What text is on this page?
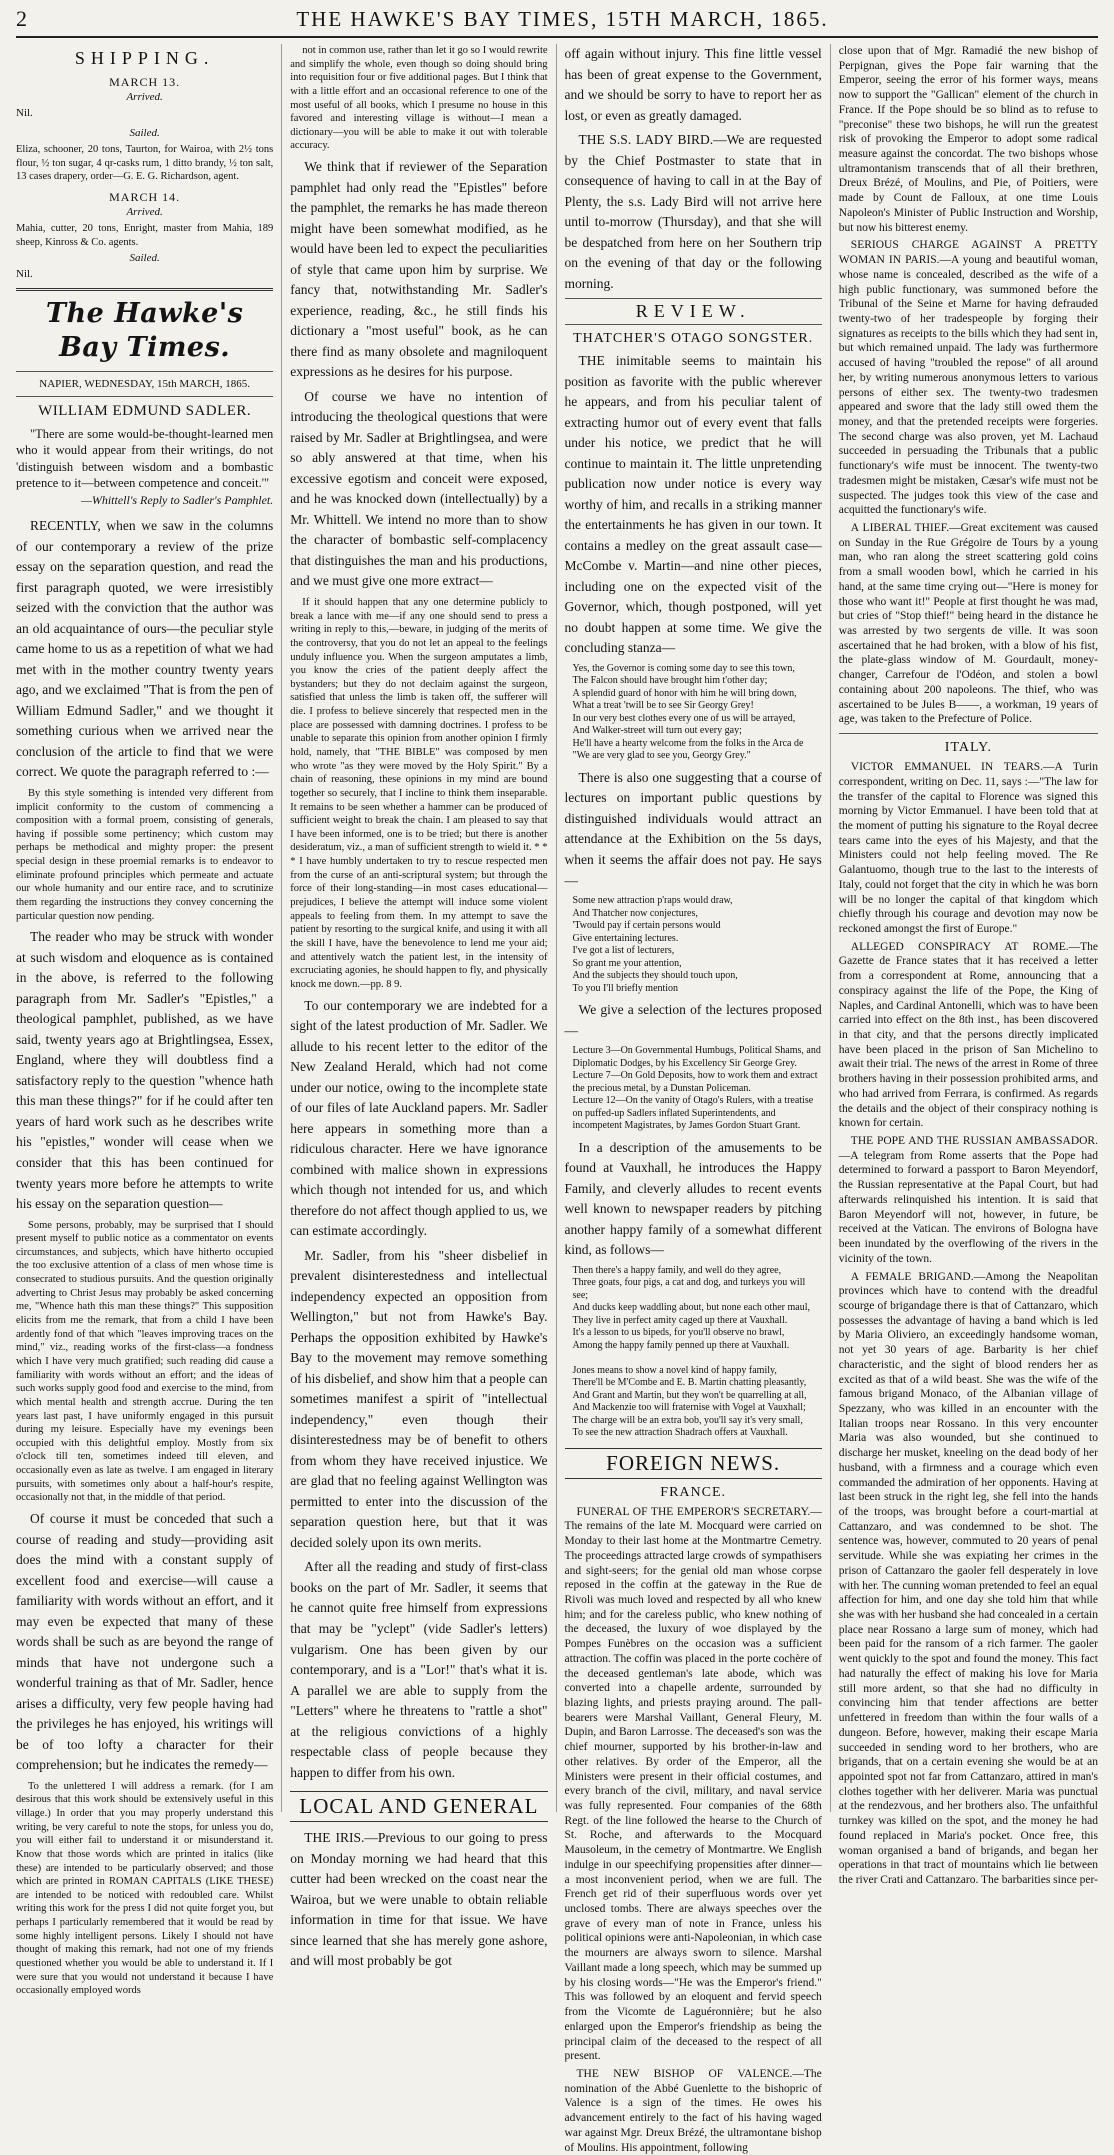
2	THE HAWKE'S BAY TIMES, 15TH MARCH, 1865.
SHIPPING.
MARCH 13.
Arrived.
Nil.
Sailed.
Eliza, schooner, 20 tons, Taurton, for Wairoa, with 2½ tons flour, ½ ton sugar, 4 qr-casks rum, 1 ditto brandy, ½ ton salt, 13 cases drapery, order—G. E. G. Richardson, agent.
MARCH 14.
Arrived.
Mahia, cutter, 20 tons, Enright, master from Mahia, 189 sheep, Kinross & Co. agents.
Sailed.
Nil.
The Hawke's Bay Times.
NAPIER, WEDNESDAY, 15th MARCH, 1865.
WILLIAM EDMUND SADLER.

"There are some would-be-thought-learned men who it would appear from their writings, do not 'distinguish between wisdom and a bombastic pretence to it—between competence and conceit.'"

—Whittell's Reply to Sadler's Pamphlet.

RECENTLY, when we saw in the columns of our contemporary a review of the prize essay on the separation question, and read the first paragraph quoted, we were irresistibly seized with the conviction that the author was an old acquaintance of ours—the peculiar style came home to us as a repetition of what we had met with in the mother country twenty years ago, and we exclaimed "That is from the pen of William Edmund Sadler," and we thought it something curious when we arrived near the conclusion of the article to find that we were correct. We quote the paragraph referred to :—

By this style something is intended very different from implicit conformity to the custom of commencing a composition with a formal proem, consisting of generals, having if possible some pertinency; which custom may perhaps be methodical and mighty proper: the present special design in these proemial remarks is to endeavor to eliminate profound principles which permeate and actuate our whole humanity and our entire race, and to scrutinize them regarding the instructions they convey concerning the particular question now pending.

The reader who may be struck with wonder at such wisdom and eloquence as is contained in the above, is referred to the following paragraph from Mr. Sadler's "Epistles," a theological pamphlet, published, as we have said, twenty years ago at Brightlingsea, Essex, England, where they will doubtless find a satisfactory reply to the question "whence hath this man these things?" for if he could after ten years of hard work such as he describes write his "epistles," wonder will cease when we consider that this has been continued for twenty years more before he attempts to write his essay on the separation question—

Some persons, probably, may be surprised that I should present myself to public notice as a commentator on events circumstances, and subjects, which have hitherto occupied the too exclusive attention of a class of men whose time is consecrated to studious pursuits. And the question originally adverting to Christ Jesus may probably be asked concerning me, "Whence hath this man these things?" This supposition elicits from me the remark, that from a child I have been ardently fond of that which "leaves improving traces on the mind," viz., reading works of the first-class—a fondness which I have very much gratified; such reading did cause a familiarity with words without an effort; and the ideas of such works supply good food and exercise to the mind, from which mental health and strength accrue. During the ten years last past, I have uniformly engaged in this pursuit during my leisure. Especially have my evenings been occupied with this delightful employ. Mostly from six o'clock till ten, sometimes indeed till eleven, and occasionally even as late as twelve. I am engaged in literary pursuits, with sometimes only about a half-hour's respite, occasionally not that, in the middle of that period.

Of course it must be conceded that such a course of reading and study—providing asit does the mind with a constant supply of excellent food and exercise—will cause a familiarity with words without an effort, and it may even be expected that many of these words shall be such as are beyond the range of minds that have not undergone such a wonderful training as that of Mr. Sadler, hence arises a difficulty, very few people having had the privileges he has enjoyed, his writings will be of too lofty a character for their comprehension; but he indicates the remedy—

To the unlettered I will address a remark. (for I am desirous that this work should be extensively useful in this village.) In order that you may properly understand this writing, be very careful to note the stops, for unless you do, you will either fail to understand it or misunderstand it. Know that those words which are printed in italics (like these) are intended to be particularly observed; and those which are printed in ROMAN CAPITALS (LIKE THESE) are intended to be noticed with redoubled care. Whilst writing this work for the press I did not quite forget you, but perhaps I particularly remembered that it would be read by some highly intelligent persons. Likely I should not have thought of making this remark, had not one of my friends questioned whether you would be able to understand it. If I were sure that you would not understand it because I have occasionally employed words

not in common use, rather than let it go so I would rewrite and simplify the whole, even though so doing should bring into requisition four or five additional pages. But I think that with a little effort and an occasional reference to one of the most useful of all books, which I presume no house in this favored and interesting village is without—I mean a dictionary—you will be able to make it out with tolerable accuracy.

We think that if reviewer of the Separation pamphlet had only read the "Epistles" before the pamphlet, the remarks he has made thereon might have been somewhat modified, as he would have been led to expect the peculiarities of style that came upon him by surprise. We fancy that, notwithstanding Mr. Sadler's experience, reading, &c., he still finds his dictionary a "most useful" book, as he can there find as many obsolete and magniloquent expressions as he desires for his purpose.

Of course we have no intention of introducing the theological questions that were raised by Mr. Sadler at Brightlingsea, and were so ably answered at that time, when his excessive egotism and conceit were exposed, and he was knocked down (intellectually) by a Mr. Whittell. We intend no more than to show the character of bombastic self-complacency that distinguishes the man and his productions, and we must give one more extract—

If it should happen that any one determine publicly to break a lance with me—if any one should send to press a writing in reply to this,—beware, in judging of the merits of the controversy, that you do not let an appeal to the feelings unduly influence you. When the surgeon amputates a limb, you know the cries of the patient deeply affect the bystanders; but they do not declaim against the surgeon, satisfied that unless the limb is taken off, the sufferer will die. I profess to believe sincerely that respected men in the place are possessed with damning doctrines. I profess to be unable to separate this opinion from another opinion I firmly hold, namely, that "THE BIBLE" was composed by men who wrote "as they were moved by the Holy Spirit." By a chain of reasoning, these opinions in my mind are bound together so securely, that I incline to think them inseparable. It remains to be seen whether a hammer can be produced of sufficient weight to break the chain. I am pleased to say that I have been informed, one is to be tried; but there is another desideratum, viz., a man of sufficient strength to wield it. * * * I have humbly undertaken to try to rescue respected men from the curse of an anti-scriptural system; but through the force of their long-standing—in most cases educational—prejudices, I believe the attempt will induce some violent appeals to feeling from them. In my attempt to save the patient by resorting to the surgical knife, and using it with all the skill I have, have the benevolence to lend me your aid; and attentively watch the patient lest, in the intensity of excruciating agonies, he should happen to fly, and physically knock me down.—pp. 8 9.

To our contemporary we are indebted for a sight of the latest production of Mr. Sadler. We allude to his recent letter to the editor of the New Zealand Herald, which had not come under our notice, owing to the incomplete state of our files of late Auckland papers. Mr. Sadler here appears in something more than a ridiculous character. Here we have ignorance combined with malice shown in expressions which though not intended for us, and which therefore do not affect though applied to us, we can estimate accordingly.

Mr. Sadler, from his "sheer disbelief in prevalent disinterestedness and intellectual independency expected an opposition from Wellington," but not from Hawke's Bay. Perhaps the opposition exhibited by Hawke's Bay to the movement may remove something of his disbelief, and show him that a people can sometimes manifest a spirit of "intellectual independency," even though their disinterestedness may be of benefit to others from whom they have received injustice. We are glad that no feeling against Wellington was permitted to enter into the discussion of the separation question here, but that it was decided solely upon its own merits.

After all the reading and study of first-class books on the part of Mr. Sadler, it seems that he cannot quite free himself from expressions that may be "yclept" (vide Sadler's letters) vulgarism. One has been given by our contemporary, and is a "Lor!" that's what it is. A parallel we are able to supply from the "Letters" where he threatens to "rattle a shot" at the religious convictions of a highly respectable class of people because they happen to differ from his own.

LOCAL AND GENERAL

THE IRIS.—Previous to our going to press on Monday morning we had heard that this cutter had been wrecked on the coast near the Wairoa, but we were unable to obtain reliable information in time for that issue. We have since learned that she has merely gone ashore, and will most probably be got

off again without injury. This fine little vessel has been of great expense to the Government, and we should be sorry to have to report her as lost, or even as greatly damaged.

THE S.S. LADY BIRD.—We are requested by the Chief Postmaster to state that in consequence of having to call in at the Bay of Plenty, the s.s. Lady Bird will not arrive here until to-morrow (Thursday), and that she will be despatched from here on her Southern trip on the evening of that day or the following morning.

REVIEW.
THATCHER'S OTAGO SONGSTER.

THE inimitable seems to maintain his position as favorite with the public wherever he appears, and from his peculiar talent of extracting humor out of every event that falls under his notice, we predict that he will continue to maintain it. The little unpretending publication now under notice is every way worthy of him, and recalls in a striking manner the entertainments he has given in our town. It contains a medley on the great assault case—McCombe v. Martin—and nine other pieces, including one on the expected visit of the Governor, which, though postponed, will yet no doubt happen at some time. We give the concluding stanza—

Yes, the Governor is coming some day to see this town,
The Falcon should have brought him t'other day;
A splendid guard of honor with him he will bring down,
What a treat 'twill be to see Sir Georgy Grey!
In our very best clothes every one of us will be arrayed,
And Walker-street will turn out every gay;
He'll have a hearty welcome from the folks in the Arca de
"We are very glad to see you, Georgy Grey."

There is also one suggesting that a course of lectures on important public questions by distinguished individuals would attract an attendance at the Exhibition on the 5s days, when it seems the affair does not pay. He says—

Some new attraction p'raps would draw,
And Thatcher now conjectures,
'Twould pay if certain persons would
Give entertaining lectures.
I've got a list of lecturers,
So grant me your attention,
And the subjects they should touch upon,
To you I'll briefly mention

We give a selection of the lectures proposed—

Lecture 3—On Governmental Humbugs, Political Shams, and Diplomatic Dodges, by his Excellency Sir George Grey.
Lecture 7—On Gold Deposits, how to work them and extract the precious metal, by a Dunstan Policeman.
Lecture 12—On the vanity of Otago's Rulers, with a treatise on puffed-up Sadlers inflated Superintendents, and incompetent Magistrates, by James Gordon Stuart Grant.

In a description of the amusements to be found at Vauxhall, he introduces the Happy Family, and cleverly alludes to recent events well known to newspaper readers by pitching another happy family of a somewhat different kind, as follows—

Then there's a happy family, and well do they agree,
Three goats, four pigs, a cat and dog, and turkeys you will see;
And ducks keep waddling about, but none each other maul,
They live in perfect amity caged up there at Vauxhall.
It's a lesson to us bipeds, for you'll observe no brawl,
Among the happy family penned up there at Vauxhall.

Jones means to show a novel kind of happy family,
There'll be M'Combe and E. B. Martin chatting pleasantly,
And Grant and Martin, but they won't be quarrelling at all,
And Mackenzie too will fraternise with Vogel at Vauxhall;
The charge will be an extra bob, you'll say it's very small,
To see the new attraction Shadrach offers at Vauxhall.
FOREIGN NEWS.
FRANCE.

FUNERAL OF THE EMPEROR'S SECRETARY.—The remains of the late M. Mocquard were carried on Monday to their last home at the Montmartre Cemetry. The proceedings attracted large crowds of sympathisers and sight-seers; for the genial old man whose corpse reposed in the coffin at the gateway in the Rue de Rivoli was much loved and respected by all who knew him; and for the careless public, who knew nothing of the deceased, the luxury of woe displayed by the Pompes Funèbres on the occasion was a sufficient attraction. The coffin was placed in the porte cochère of the deceased gentleman's late abode, which was converted into a chapelle ardente, surrounded by blazing lights, and priests praying around. The pall-bearers were Marshal Vaillant, General Fleury, M. Dupin, and Baron Larrosse. The deceased's son was the chief mourner, supported by his brother-in-law and other relatives. By order of the Emperor, all the Ministers were present in their official costumes, and every branch of the civil, military, and naval service was fully represented. Four companies of the 68th Regt. of the line followed the hearse to the Church of St. Roche, and afterwards to the Mocquard Mausoleum, in the cemetry of Montmartre. We English indulge in our speechifying propensities after dinner—a most inconvenient period, when we are full. The French get rid of their superfluous words over yet unclosed tombs. There are always speeches over the grave of every man of note in France, unless his political opinions were anti-Napoleonian, in which case the mourners are always sworn to silence. Marshal Vaillant made a long speech, which may be summed up by his closing words—"He was the Emperor's friend." This was followed by an eloquent and fervid speech from the Vicomte de Laguéronnière; but he also enlarged upon the Emperor's friendship as being the principal claim of the deceased to the respect of all present.

THE NEW BISHOP OF VALENCE.—The nomination of the Abbé Guenlette to the bishopric of Valence is a sign of the times. He owes his advancement entirely to the fact of his having waged war against Mgr. Dreux Brézé, the ultramontane bishop of Moulins. His appointment, following

close upon that of Mgr. Ramadié the new bishop of Perpignan, gives the Pope fair warning that the Emperor, seeing the error of his former ways, means now to support the "Gallican" element of the church in France. If the Pope should be so blind as to refuse to "preconise" these two bishops, he will run the greatest risk of provoking the Emperor to adopt some radical measure against the concordat. The two bishops whose ultramontanism transcends that of all their brethren, Dreux Brézé, of Moulins, and Pie, of Poitiers, were made by Count de Falloux, at one time Louis Napoleon's Minister of Public Instruction and Worship, but now his bitterest enemy.

SERIOUS CHARGE AGAINST A PRETTY WOMAN IN PARIS.—A young and beautiful woman, whose name is concealed, described as the wife of a high public functionary, was summoned before the Tribunal of the Seine et Marne for having defrauded twenty-two of her tradespeople by forging their signatures as receipts to the bills which they had sent in, but which remained unpaid. The lady was furthermore accused of having "troubled the repose" of all around her, by writing numerous anonymous letters to various persons of either sex. The twenty-two tradesmen appeared and swore that the lady still owed them the money, and that the pretended receipts were forgeries. The second charge was also proven, yet M. Lachaud succeeded in persuading the Tribunals that a public functionary's wife must be innocent. The twenty-two tradesmen might be mistaken, Cæsar's wife must not be suspected. The judges took this view of the case and acquitted the functionary's wife.

A LIBERAL THIEF.—Great excitement was caused on Sunday in the Rue Grégoire de Tours by a young man, who ran along the street scattering gold coins from a small wooden bowl, which he carried in his hand, at the same time crying out—"Here is money for those who want it!" People at first thought he was mad, but cries of "Stop thief!" being heard in the distance he was arrested by two sergents de ville. It was soon ascertained that he had broken, with a blow of his fist, the plate-glass window of M. Gourdault, money-changer, Carrefour de l'Odéon, and stolen a bowl containing about 200 napoleons. The thief, who was ascertained to be Jules B——, a workman, 19 years of age, was taken to the Prefecture of Police.

ITALY.

VICTOR EMMANUEL IN TEARS.—A Turin correspondent, writing on Dec. 11, says :—"The law for the transfer of the capital to Florence was signed this morning by Victor Emmanuel. I have been told that at the moment of putting his signature to the Royal decree tears came into the eyes of his Majesty, and that the Ministers could not help feeling moved. The Re Galantuomo, though true to the last to the interests of Italy, could not forget that the city in which he was born will be no longer the capital of that kingdom which chiefly through his courage and devotion may now be reckoned amongst the first of Europe."

ALLEGED CONSPIRACY AT ROME.—The Gazette de France states that it has received a letter from a correspondent at Rome, announcing that a conspiracy against the life of the Pope, the King of Naples, and Cardinal Antonelli, which was to have been carried into effect on the 8th inst., has been discovered in that city, and that the persons directly implicated have been placed in the prison of San Michelino to await their trial. The news of the arrest in Rome of three brothers having in their possession prohibited arms, and who had arrived from Ferrara, is confirmed. As regards the details and the object of their conspiracy nothing is known for certain.

THE POPE AND THE RUSSIAN AMBASSADOR.—A telegram from Rome asserts that the Pope had determined to forward a passport to Baron Meyendorf, the Russian representative at the Papal Court, but had afterwards relinquished his intention. It is said that Baron Meyendorf will not, however, in future, be received at the Vatican. The environs of Bologna have been inundated by the overflowing of the rivers in the vicinity of the town.

A FEMALE BRIGAND.—Among the Neapolitan provinces which have to contend with the dreadful scourge of brigandage there is that of Cattanzaro, which possesses the advantage of having a band which is led by Maria Oliviero, an exceedingly handsome woman, not yet 30 years of age. Barbarity is her chief characteristic, and the sight of blood renders her as excited as that of a wild beast. She was the wife of the famous brigand Monaco, of the Albanian village of Spezzany, who was killed in an encounter with the Italian troops near Rossano. In this very encounter Maria was also wounded, but she continued to discharge her musket, kneeling on the dead body of her husband, with a firmness and a courage which even commanded the admiration of her opponents. Having at last been struck in the right leg, she fell into the hands of the troops, was brought before a court-martial at Cattanzaro, and was condemned to be shot. The sentence was, however, commuted to 20 years of penal servitude. While she was expiating her crimes in the prison of Cattanzaro the gaoler fell desperately in love with her. The cunning woman pretended to feel an equal affection for him, and one day she told him that while she was with her husband she had concealed in a certain place near Rossano a large sum of money, which had been paid for the ransom of a rich farmer. The gaoler went quickly to the spot and found the money. This fact had naturally the effect of making his love for Maria still more ardent, so that she had no difficulty in convincing him that tender affections are better unfettered in freedom than within the four walls of a dungeon. Before, however, making their escape Maria succeeded in sending word to her brothers, who are brigands, that on a certain evening she would be at an appointed spot not far from Cattanzaro, attired in man's clothes together with her deliverer. Maria was punctual at the rendezvous, and her brothers also. The unfaithful turnkey was killed on the spot, and the money he had found replaced in Maria's pocket. Once free, this woman organised a band of brigands, and began her operations in that tract of mountains which lie between the river Crati and Cattanzaro. The barbarities since per-
